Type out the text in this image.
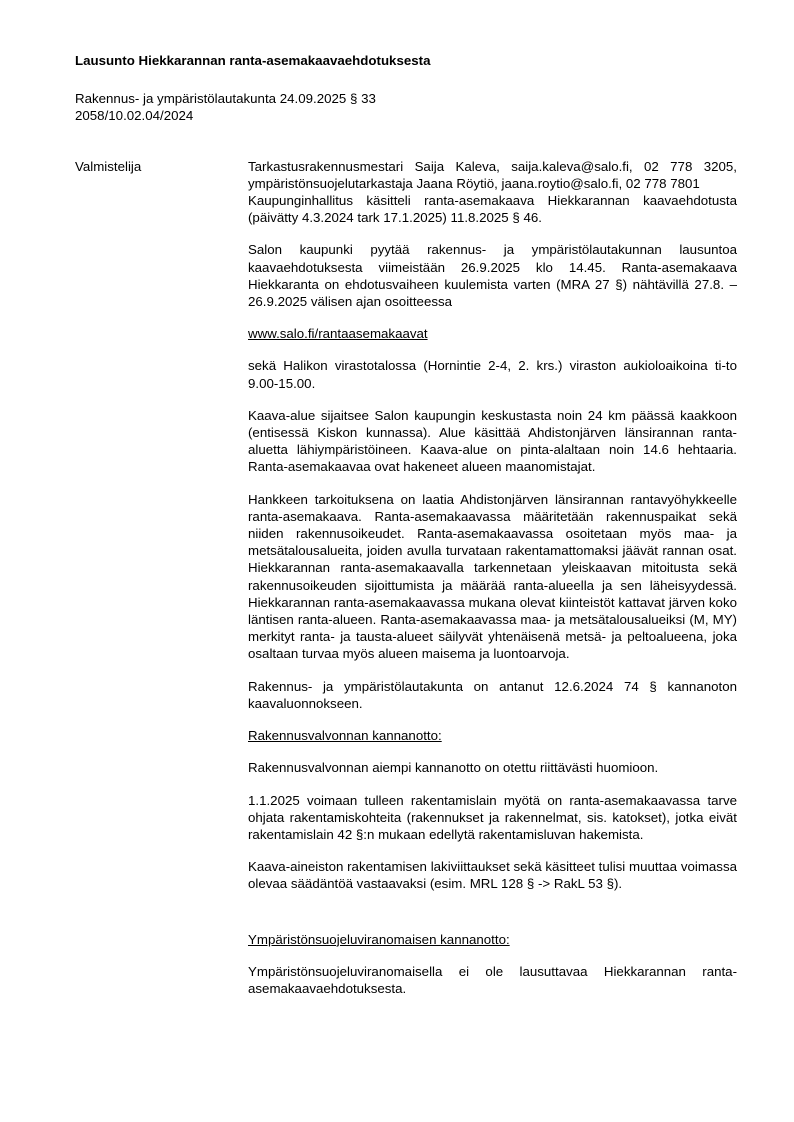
Lausunto Hiekkarannan ranta-asemakaavaehdotuksesta

Rakennus- ja ympäristölautakunta 24.09.2025 § 33

2058/10.02.04/2024

Valmistelija	Tarkastusrakennusmestari Saija Kaleva, saija.kaleva@salo.fi, 02 778 3205, ympäristönsuojelutarkastaja Jaana Röytiö, jaana.roytio@salo.fi, 02 778 7801

Kaupunginhallitus käsitteli ranta-asemakaava Hiekkarannan kaavaehdotusta (päivätty 4.3.2024 tark 17.1.2025) 11.8.2025 § 46.

Salon kaupunki pyytää rakennus- ja ympäristölautakunnan lausuntoa kaavaehdotuksesta viimeistään 26.9.2025 klo 14.45. Ranta-asemakaava Hiekkaranta on ehdotusvaiheen kuulemista varten (MRA 27 §) nähtävillä 27.8. – 26.9.2025 välisen ajan osoitteessa

www.salo.fi/rantaasemakaavat

sekä Halikon virastotalossa (Hornintie 2-4, 2. krs.) viraston aukioloaikoina ti-to 9.00-15.00.

Kaava-alue sijaitsee Salon kaupungin keskustasta noin 24 km päässä kaakkoon (entisessä Kiskon kunnassa). Alue käsittää Ahdistonjärven länsirannan ranta-aluetta lähiympäristöineen. Kaava-alue on pinta-alaltaan noin 14.6 hehtaaria. Ranta-asemakaavaa ovat hakeneet alueen maanomistajat.

Hankkeen tarkoituksena on laatia Ahdistonjärven länsirannan rantavyöhykkeelle ranta-asemakaava. Ranta-asemakaavassa määritetään rakennuspaikat sekä niiden rakennusoikeudet. Ranta-asemakaavassa osoitetaan myös maa- ja metsätalousalueita, joiden avulla turvataan rakentamattomaksi jäävät rannan osat. Hiekkarannan ranta-asemakaavalla tarkennetaan yleiskaavan mitoitusta sekä rakennusoikeuden sijoittumista ja määrää ranta-alueella ja sen läheisyydessä. Hiekkarannan ranta-asemakaavassa mukana olevat kiinteistöt kattavat järven koko läntisen ranta-alueen. Ranta-asemakaavassa maa- ja metsätalousalueiksi (M, MY) merkityt ranta- ja tausta-alueet säilyvät yhtenäisenä metsä- ja peltoalueena, joka osaltaan turvaa myös alueen maisema ja luontoarvoja.

Rakennus- ja ympäristölautakunta on antanut 12.6.2024 74 § kannanoton kaavaluonnokseen.

Rakennusvalvonnan kannanotto:

Rakennusvalvonnan aiempi kannanotto on otettu riittävästi huomioon.

1.1.2025 voimaan tulleen rakentamislain myötä on ranta-asemakaavassa tarve ohjata rakentamiskohteita (rakennukset ja rakennelmat, sis. katokset), jotka eivät rakentamislain 42 §:n mukaan edellytä rakentamisluvan hakemista.

Kaava-aineiston rakentamisen lakiviittaukset sekä käsitteet tulisi muuttaa voimassa olevaa säädäntöä vastaavaksi (esim. MRL 128 § -> RakL 53 §).

Ympäristönsuojeluviranomaisen kannanotto:

Ympäristönsuojeluviranomaisella ei ole lausuttavaa Hiekkarannan ranta-asemakaavaehdotuksesta.
